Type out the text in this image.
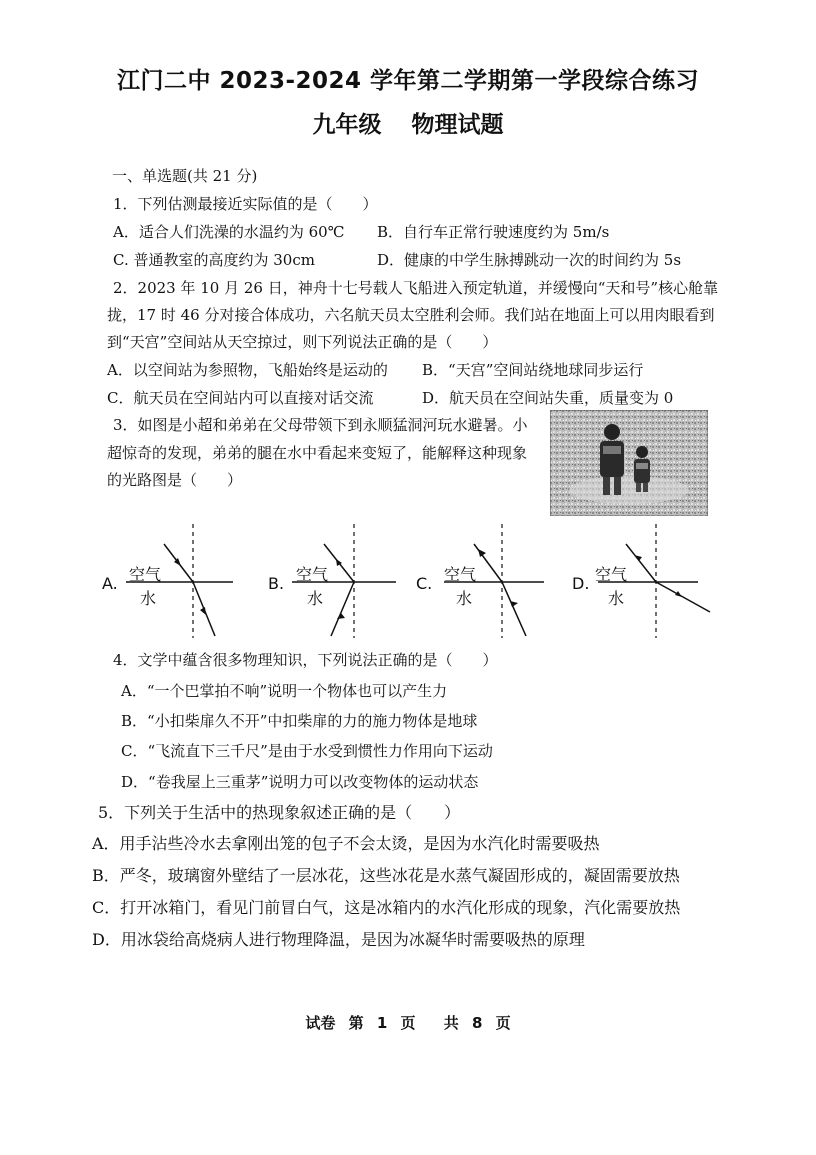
江门二中 2023-2024 学年第二学期第一学段综合练习
九年级 物理试题
一、单选题(共 21 分)
1．下列估测最接近实际值的是（　　）
A．适合人们洗澡的水温约为 60℃ B．自行车正常行驶速度约为 5m/s
C. 普通教室的高度约为 30cm	D．健康的中学生脉搏跳动一次的时间约为 5s
2．2023 年 10 月 26 日，神舟十七号载人飞船进入预定轨道，并缓慢向“天和号”核心舱靠
拢，17 时 46 分对接合体成功，六名航天员太空胜利会师。我们站在地面上可以用肉眼看到
到“天宫”空间站从天空掠过，则下列说法正确的是（　　）
A．以空间站为参照物，飞船始终是运动的 B．“天宫”空间站绕地球同步运行
C．航天员在空间站内可以直接对话交流	D．航天员在空间站失重，质量变为 0
3．如图是小超和弟弟在父母带领下到永顺猛洞河玩水避暑。小
超惊奇的发现，弟弟的腿在水中看起来变短了，能解释这种现象
的光路图是（　　）
A. 空气
水
B. 空气
水
C. 空气
水
D. 空气
水
4．文学中蕴含很多物理知识，下列说法正确的是（　　）
A．“一个巴掌拍不响”说明一个物体也可以产生力
B．“小扣柴扉久不开”中扣柴扉的力的施力物体是地球
C．“飞流直下三千尺”是由于水受到惯性力作用向下运动
D．“卷我屋上三重茅”说明力可以改变物体的运动状态
5．下列关于生活中的热现象叙述正确的是（　　）
A．用手沾些冷水去拿刚出笼的包子不会太烫，是因为水汽化时需要吸热
B．严冬，玻璃窗外壁结了一层冰花，这些冰花是水蒸气凝固形成的，凝固需要放热
C．打开冰箱门，看见门前冒白气，这是冰箱内的水汽化形成的现象，汽化需要放热
D．用冰袋给高烧病人进行物理降温，是因为冰凝华时需要吸热的原理
试卷 第 1 页　 共 8 页
